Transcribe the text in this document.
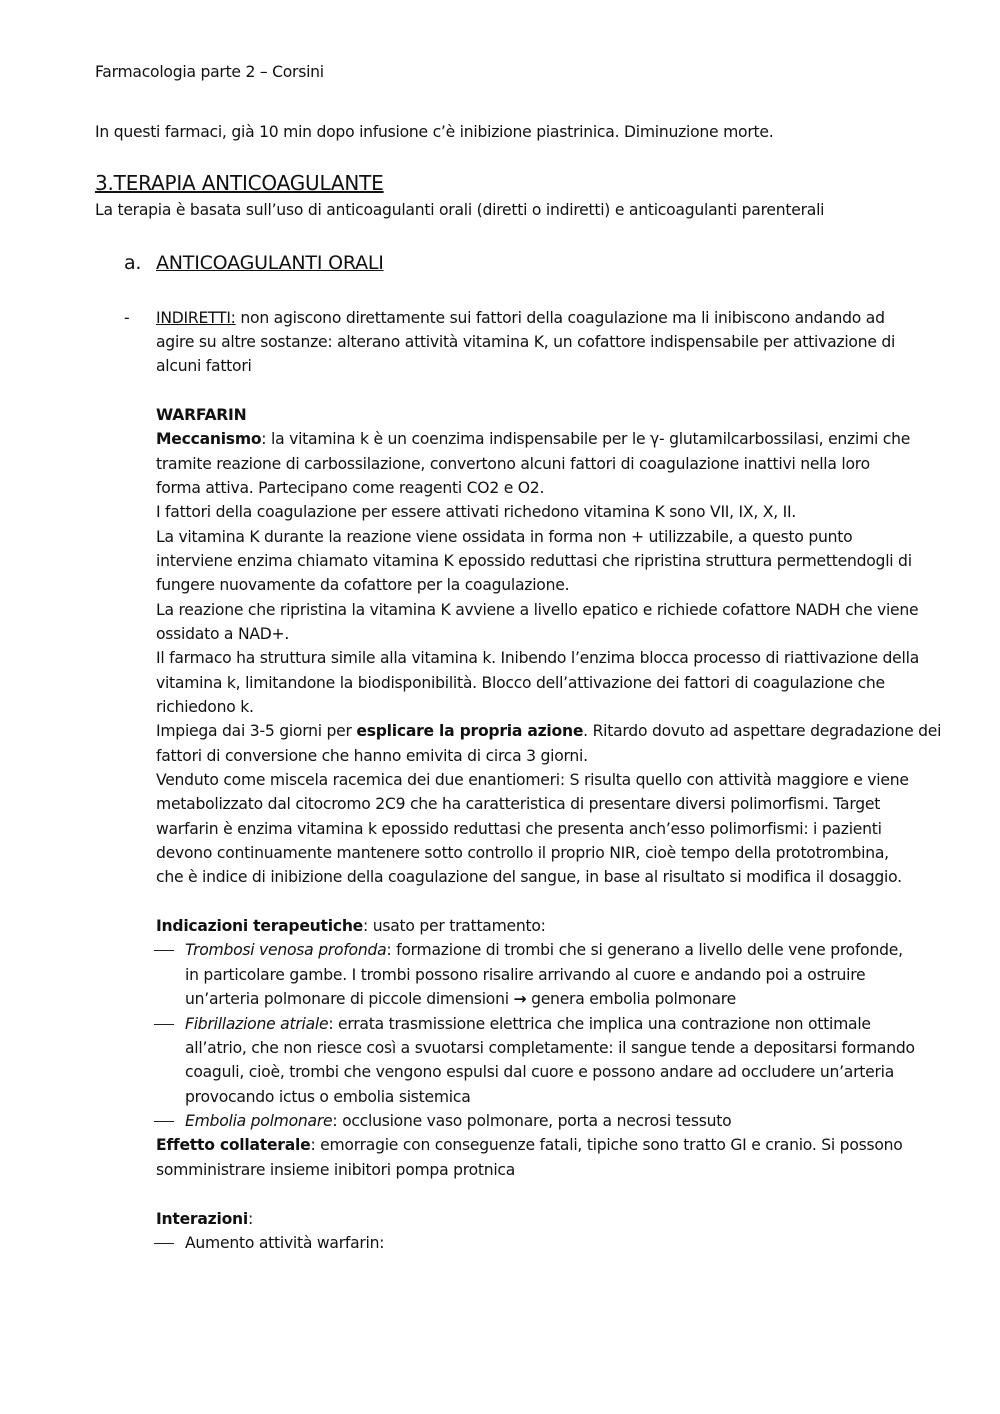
Farmacologia parte 2 – Corsini
In questi farmaci, già 10 min dopo infusione c’è inibizione piastrinica. Diminuzione morte.
3.TERAPIA ANTICOAGULANTE
La terapia è basata sull’uso di anticoagulanti orali (diretti o indiretti) e anticoagulanti parenterali
a. ANTICOAGULANTI ORALI
- INDIRETTI: non agiscono direttamente sui fattori della coagulazione ma li inibiscono andando ad
agire su altre sostanze: alterano attività vitamina K, un cofattore indispensabile per attivazione di
alcuni fattori
WARFARIN
Meccanismo: la vitamina k è un coenzima indispensabile per le γ- glutamilcarbossilasi, enzimi che
tramite reazione di carbossilazione, convertono alcuni fattori di coagulazione inattivi nella loro
forma attiva. Partecipano come reagenti CO2 e O2.
I fattori della coagulazione per essere attivati richedono vitamina K sono VII, IX, X, II.
La vitamina K durante la reazione viene ossidata in forma non + utilizzabile, a questo punto
interviene enzima chiamato vitamina K epossido reduttasi che ripristina struttura permettendogli di
fungere nuovamente da cofattore per la coagulazione.
La reazione che ripristina la vitamina K avviene a livello epatico e richiede cofattore NADH che viene
ossidato a NAD+.
Il farmaco ha struttura simile alla vitamina k. Inibendo l’enzima blocca processo di riattivazione della
vitamina k, limitandone la biodisponibilità. Blocco dell’attivazione dei fattori di coagulazione che
richiedono k.
Impiega dai 3-5 giorni per esplicare la propria azione. Ritardo dovuto ad aspettare degradazione dei
fattori di conversione che hanno emivita di circa 3 giorni.
Venduto come miscela racemica dei due enantiomeri: S risulta quello con attività maggiore e viene
metabolizzato dal citocromo 2C9 che ha caratteristica di presentare diversi polimorfismi. Target
warfarin è enzima vitamina k epossido reduttasi che presenta anch’esso polimorfismi: i pazienti
devono continuamente mantenere sotto controllo il proprio NIR, cioè tempo della prototrombina,
che è indice di inibizione della coagulazione del sangue, in base al risultato si modifica il dosaggio.
Indicazioni terapeutiche: usato per trattamento:
Trombosi venosa profonda: formazione di trombi che si generano a livello delle vene profonde,
in particolare gambe. I trombi possono risalire arrivando al cuore e andando poi a ostruire
un’arteria polmonare di piccole dimensioni → genera embolia polmonare
Fibrillazione atriale: errata trasmissione elettrica che implica una contrazione non ottimale
all’atrio, che non riesce così a svuotarsi completamente: il sangue tende a depositarsi formando
coaguli, cioè, trombi che vengono espulsi dal cuore e possono andare ad occludere un’arteria
provocando ictus o embolia sistemica
Embolia polmonare: occlusione vaso polmonare, porta a necrosi tessuto
Effetto collaterale: emorragie con conseguenze fatali, tipiche sono tratto GI e cranio. Si possono
somministrare insieme inibitori pompa protnica
Interazioni:
Aumento attività warfarin:
